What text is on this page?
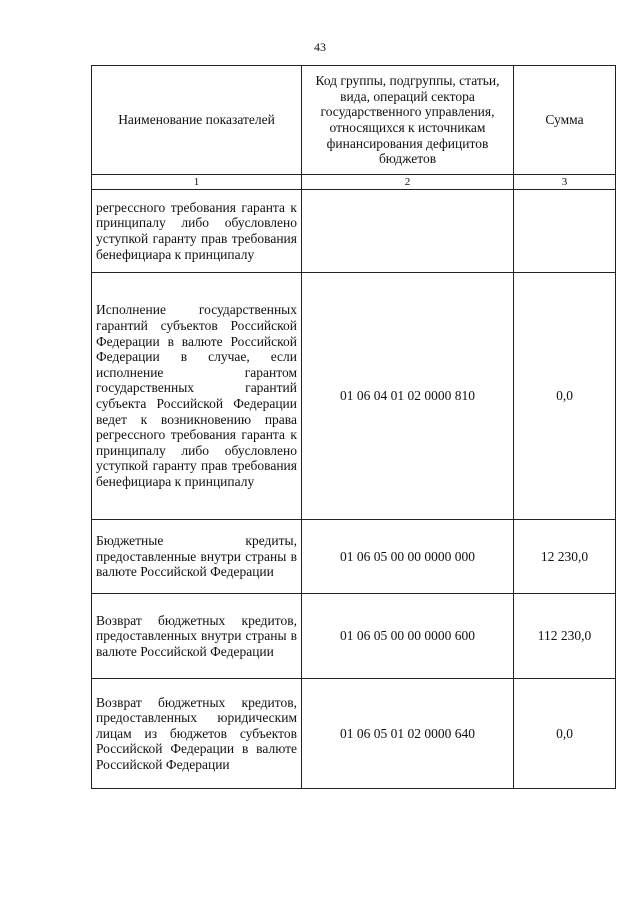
43
Наименование показателей	Код группы, подгруппы, статьи, вида, операций сектора государственного управления, относящихся к источникам финансирования дефицитов бюджетов	Сумма
1	2	3
регрессного требования гаранта к принципалу либо обусловлено уступкой гаранту прав требования бенефициара к принципалу		
Исполнение государственных гарантий субъектов Российской Федерации в валюте Российской Федерации в случае, если исполнение гарантом государственных гарантий субъекта Российской Федерации ведет к возникновению права регрессного требования гаранта к принципалу либо обусловлено уступкой гаранту прав требования бенефициара к принципалу	01 06 04 01 02 0000 810	0,0
Бюджетные кредиты, предоставленные внутри страны в валюте Российской Федерации	01 06 05 00 00 0000 000	12 230,0
Возврат бюджетных кредитов, предоставленных внутри страны в валюте Российской Федерации	01 06 05 00 00 0000 600	112 230,0
Возврат бюджетных кредитов, предоставленных юридическим лицам из бюджетов субъектов Российской Федерации в валюте Российской Федерации	01 06 05 01 02 0000 640	0,0
